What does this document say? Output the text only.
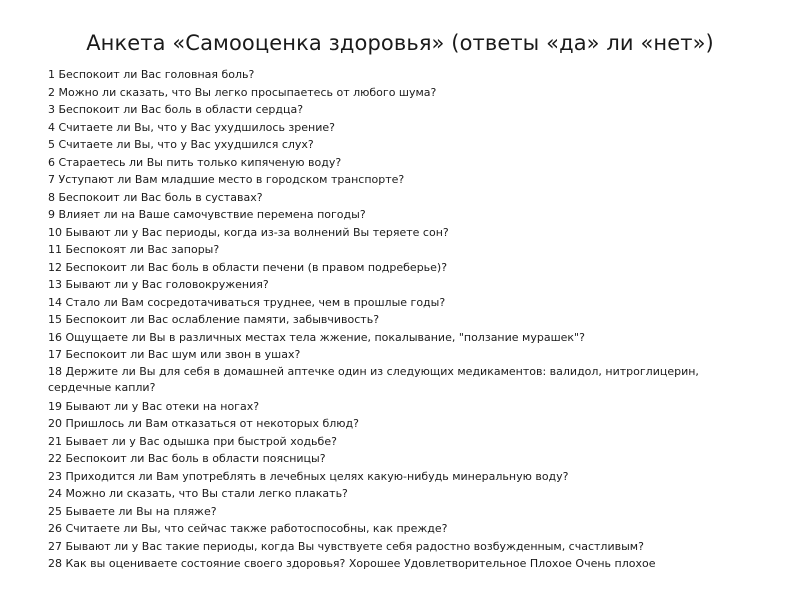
Анкета «Самооценка здоровья» (ответы «да» ли «нет»)
1 Беспокоит ли Вас головная боль?
2 Можно ли сказать, что Вы легко просыпаетесь от любого шума?
3 Беспокоит ли Вас боль в области сердца?
4 Считаете ли Вы, что у Вас ухудшилось зрение?
5 Считаете ли Вы, что у Вас ухудшился слух?
6 Стараетесь ли Вы пить только кипяченую воду?
7 Уступают ли Вам младшие место в городском транспорте?
8 Беспокоит ли Вас боль в суставах?
9 Влияет ли на Ваше самочувствие перемена погоды?
10 Бывают ли у Вас периоды, когда из-за волнений Вы теряете сон?
11 Беспокоят ли Вас запоры?
12 Беспокоит ли Вас боль в области печени (в правом подреберье)?
13 Бывают ли у Вас головокружения?
14 Стало ли Вам сосредотачиваться труднее, чем в прошлые годы?
15 Беспокоит ли Вас ослабление памяти, забывчивость?
16 Ощущаете ли Вы в различных местах тела жжение, покалывание, "ползание мурашек"?
17 Беспокоит ли Вас шум или звон в ушах?
18 Держите ли Вы для себя в домашней аптечке один из следующих медикаментов: валидол, нитроглицерин, сердечные капли?
19 Бывают ли у Вас отеки на ногах?
20 Пришлось ли Вам отказаться от некоторых блюд?
21 Бывает ли у Вас одышка при быстрой ходьбе?
22 Беспокоит ли Вас боль в области поясницы?
23 Приходится ли Вам употреблять в лечебных целях какую-нибудь минеральную воду?
24 Можно ли сказать, что Вы стали легко плакать?
25 Бываете ли Вы на пляже?
26 Считаете ли Вы, что сейчас также работоспособны, как прежде?
27 Бывают ли у Вас такие периоды, когда Вы чувствуете себя радостно возбужденным, счастливым?
28 Как вы оцениваете состояние своего здоровья? Хорошее Удовлетворительное Плохое Очень плохое
